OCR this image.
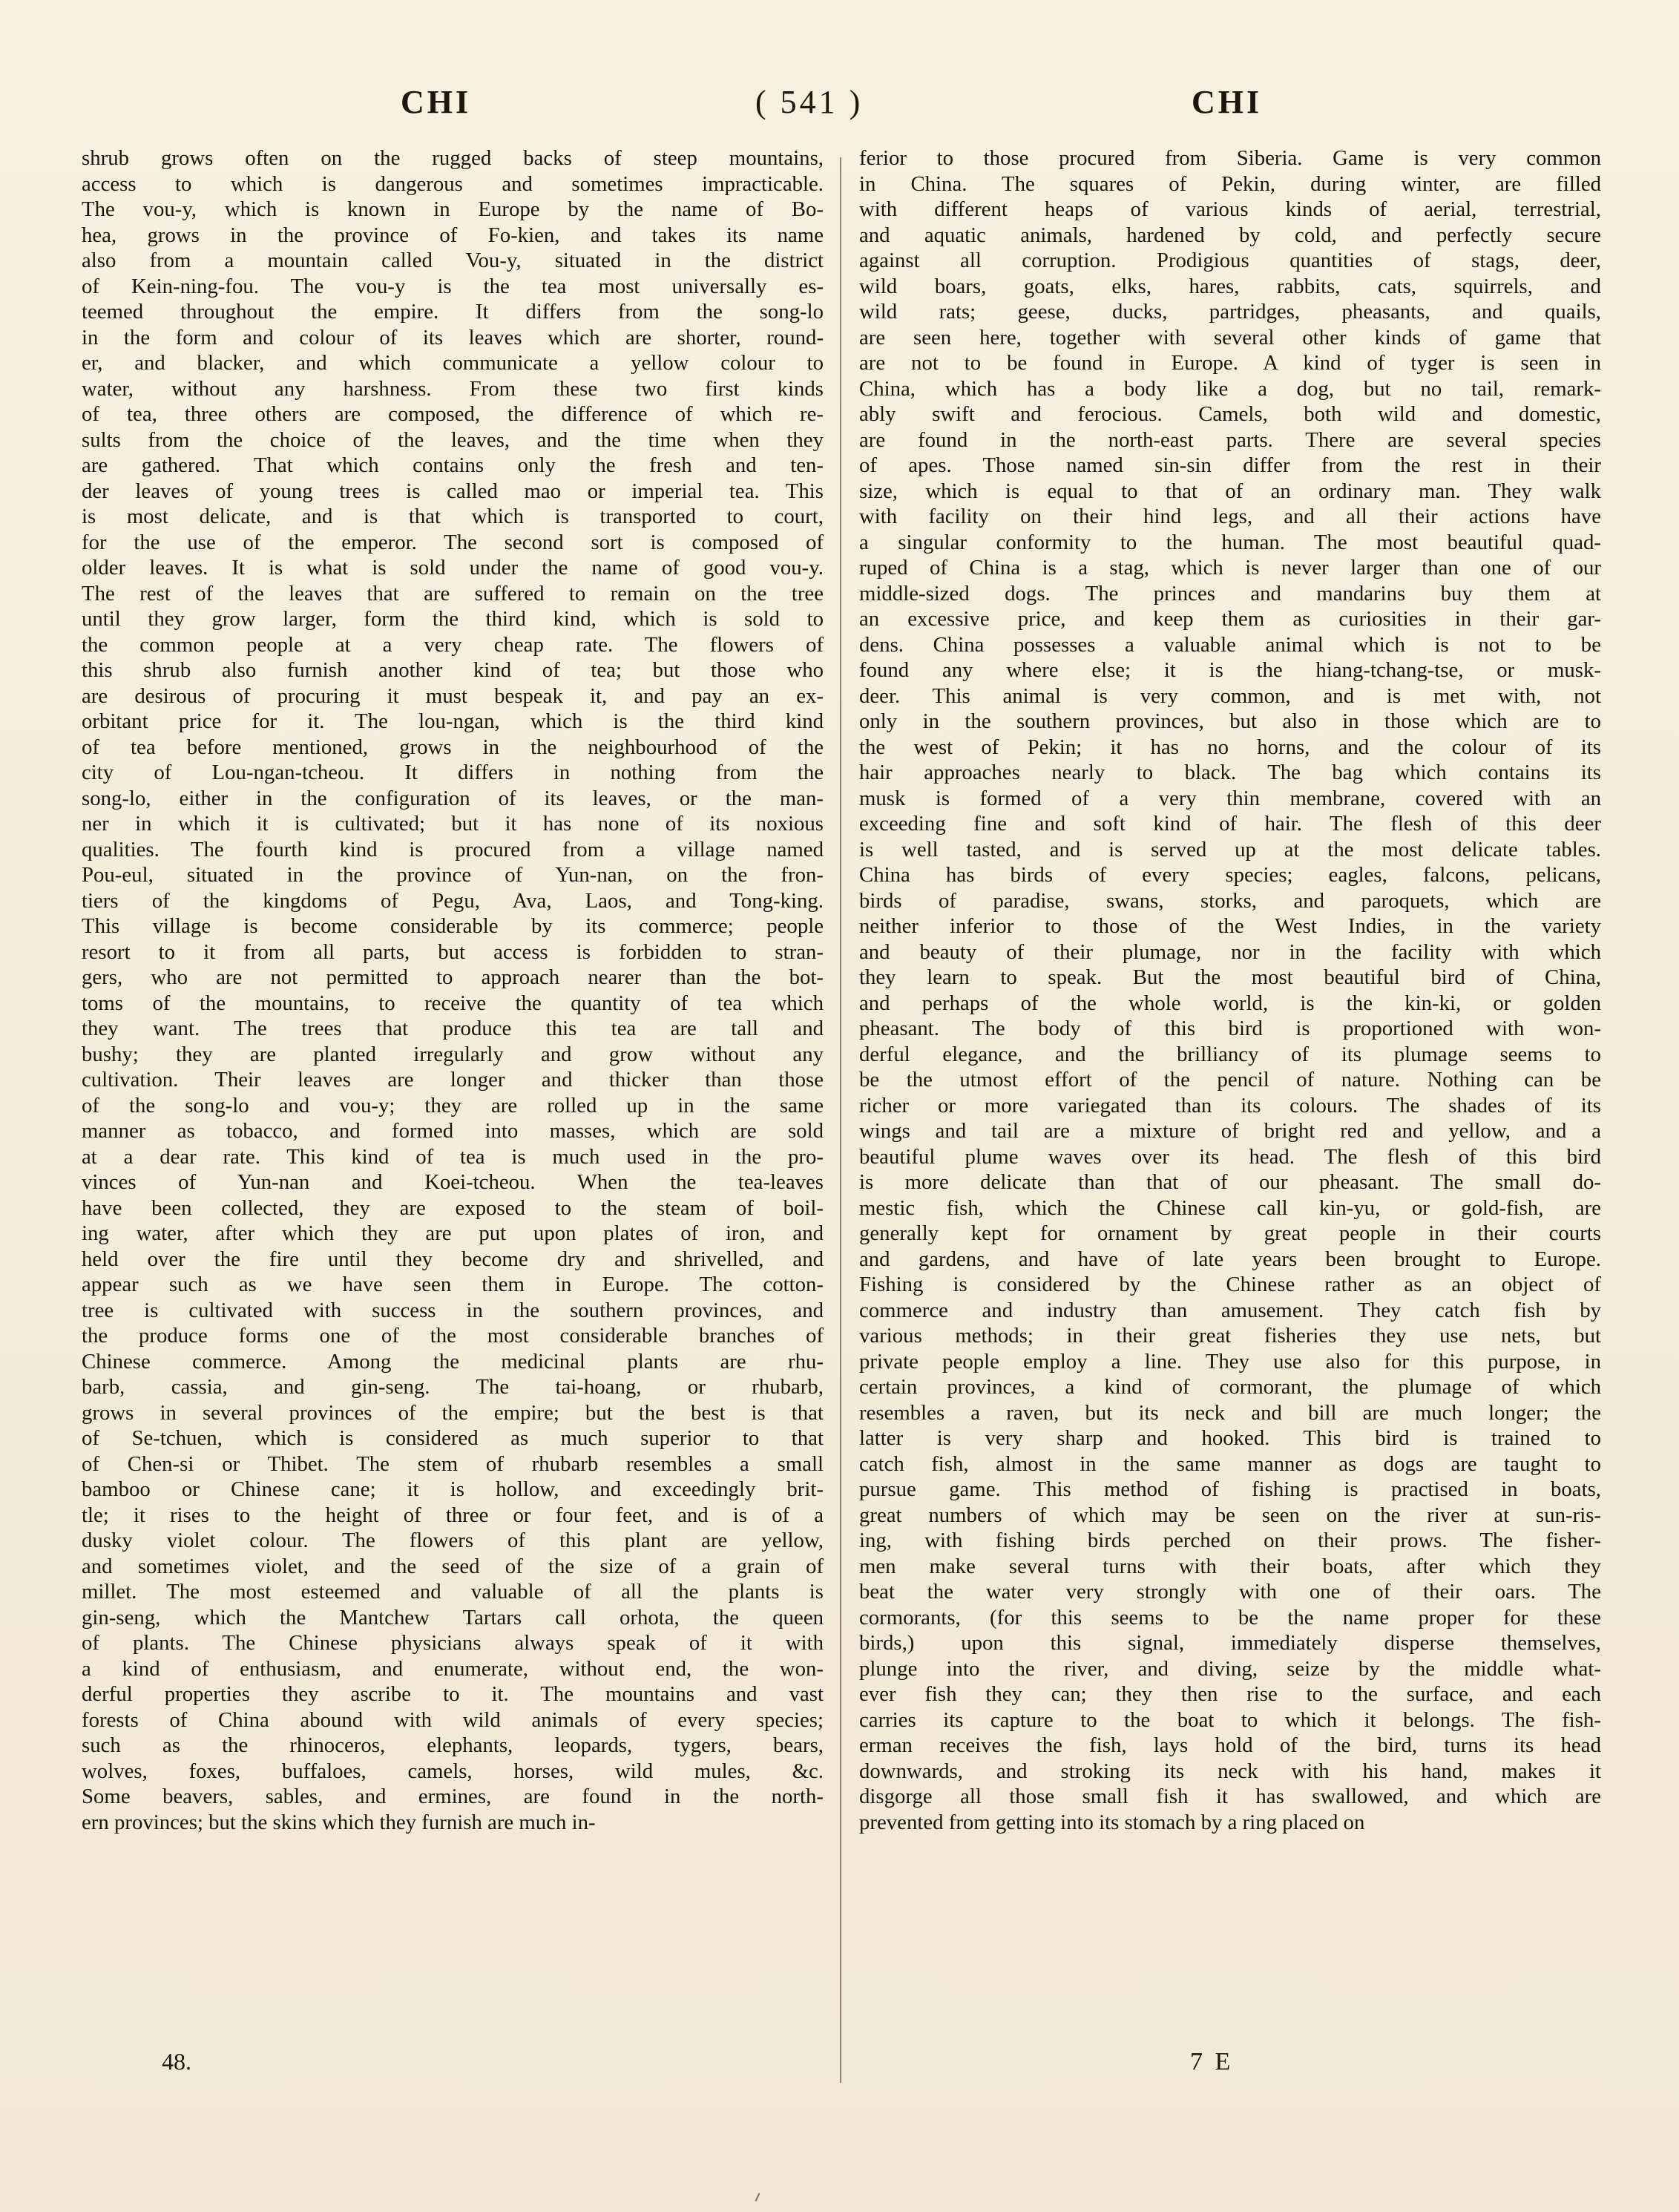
CHI	( 541 )	CHI
shrub grows often on the rugged backs of steep mountains,
access to which is dangerous and sometimes impracticable.
The vou-y, which is known in Europe by the name of Bo-
hea, grows in the province of Fo-kien, and takes its name
also from a mountain called Vou-y, situated in the district
of Kein-ning-fou. The vou-y is the tea most universally es-
teemed throughout the empire. It differs from the song-lo
in the form and colour of its leaves which are shorter, round-
er, and blacker, and which communicate a yellow colour to
water, without any harshness. From these two first kinds
of tea, three others are composed, the difference of which re-
sults from the choice of the leaves, and the time when they
are gathered. That which contains only the fresh and ten-
der leaves of young trees is called mao or imperial tea. This
is most delicate, and is that which is transported to court,
for the use of the emperor. The second sort is composed of
older leaves. It is what is sold under the name of good vou-y.
The rest of the leaves that are suffered to remain on the tree
until they grow larger, form the third kind, which is sold to
the common people at a very cheap rate. The flowers of
this shrub also furnish another kind of tea; but those who
are desirous of procuring it must bespeak it, and pay an ex-
orbitant price for it. The lou-ngan, which is the third kind
of tea before mentioned, grows in the neighbourhood of the
city of Lou-ngan-tcheou. It differs in nothing from the
song-lo, either in the configuration of its leaves, or the man-
ner in which it is cultivated; but it has none of its noxious
qualities. The fourth kind is procured from a village named
Pou-eul, situated in the province of Yun-nan, on the fron-
tiers of the kingdoms of Pegu, Ava, Laos, and Tong-king.
This village is become considerable by its commerce; people
resort to it from all parts, but access is forbidden to stran-
gers, who are not permitted to approach nearer than the bot-
toms of the mountains, to receive the quantity of tea which
they want. The trees that produce this tea are tall and
bushy; they are planted irregularly and grow without any
cultivation. Their leaves are longer and thicker than those
of the song-lo and vou-y; they are rolled up in the same
manner as tobacco, and formed into masses, which are sold
at a dear rate. This kind of tea is much used in the pro-
vinces of Yun-nan and Koei-tcheou. When the tea-leaves
have been collected, they are exposed to the steam of boil-
ing water, after which they are put upon plates of iron, and
held over the fire until they become dry and shrivelled, and
appear such as we have seen them in Europe. The cotton-
tree is cultivated with success in the southern provinces, and
the produce forms one of the most considerable branches of
Chinese commerce. Among the medicinal plants are rhu-
barb, cassia, and gin-seng. The tai-hoang, or rhubarb,
grows in several provinces of the empire; but the best is that
of Se-tchuen, which is considered as much superior to that
of Chen-si or Thibet. The stem of rhubarb resembles a small
bamboo or Chinese cane; it is hollow, and exceedingly brit-
tle; it rises to the height of three or four feet, and is of a
dusky violet colour. The flowers of this plant are yellow,
and sometimes violet, and the seed of the size of a grain of
millet. The most esteemed and valuable of all the plants is
gin-seng, which the Mantchew Tartars call orhota, the queen
of plants. The Chinese physicians always speak of it with
a kind of enthusiasm, and enumerate, without end, the won-
derful properties they ascribe to it. The mountains and vast
forests of China abound with wild animals of every species;
such as the rhinoceros, elephants, leopards, tygers, bears,
wolves, foxes, buffaloes, camels, horses, wild mules, &c.
Some beavers, sables, and ermines, are found in the north-
ern provinces; but the skins which they furnish are much in-
ferior to those procured from Siberia. Game is very common
in China. The squares of Pekin, during winter, are filled
with different heaps of various kinds of aerial, terrestrial,
and aquatic animals, hardened by cold, and perfectly secure
against all corruption. Prodigious quantities of stags, deer,
wild boars, goats, elks, hares, rabbits, cats, squirrels, and
wild rats; geese, ducks, partridges, pheasants, and quails,
are seen here, together with several other kinds of game that
are not to be found in Europe. A kind of tyger is seen in
China, which has a body like a dog, but no tail, remark-
ably swift and ferocious. Camels, both wild and domestic,
are found in the north-east parts. There are several species
of apes. Those named sin-sin differ from the rest in their
size, which is equal to that of an ordinary man. They walk
with facility on their hind legs, and all their actions have
a singular conformity to the human. The most beautiful quad-
ruped of China is a stag, which is never larger than one of our
middle-sized dogs. The princes and mandarins buy them at
an excessive price, and keep them as curiosities in their gar-
dens. China possesses a valuable animal which is not to be
found any where else; it is the hiang-tchang-tse, or musk-
deer. This animal is very common, and is met with, not
only in the southern provinces, but also in those which are to
the west of Pekin; it has no horns, and the colour of its
hair approaches nearly to black. The bag which contains its
musk is formed of a very thin membrane, covered with an
exceeding fine and soft kind of hair. The flesh of this deer
is well tasted, and is served up at the most delicate tables.
China has birds of every species; eagles, falcons, pelicans,
birds of paradise, swans, storks, and paroquets, which are
neither inferior to those of the West Indies, in the variety
and beauty of their plumage, nor in the facility with which
they learn to speak. But the most beautiful bird of China,
and perhaps of the whole world, is the kin-ki, or golden
pheasant. The body of this bird is proportioned with won-
derful elegance, and the brilliancy of its plumage seems to
be the utmost effort of the pencil of nature. Nothing can be
richer or more variegated than its colours. The shades of its
wings and tail are a mixture of bright red and yellow, and a
beautiful plume waves over its head. The flesh of this bird
is more delicate than that of our pheasant. The small do-
mestic fish, which the Chinese call kin-yu, or gold-fish, are
generally kept for ornament by great people in their courts
and gardens, and have of late years been brought to Europe.
Fishing is considered by the Chinese rather as an object of
commerce and industry than amusement. They catch fish by
various methods; in their great fisheries they use nets, but
private people employ a line. They use also for this purpose, in
certain provinces, a kind of cormorant, the plumage of which
resembles a raven, but its neck and bill are much longer; the
latter is very sharp and hooked. This bird is trained to
catch fish, almost in the same manner as dogs are taught to
pursue game. This method of fishing is practised in boats,
great numbers of which may be seen on the river at sun-ris-
ing, with fishing birds perched on their prows. The fisher-
men make several turns with their boats, after which they
beat the water very strongly with one of their oars. The
cormorants, (for this seems to be the name proper for these
birds,) upon this signal, immediately disperse themselves,
plunge into the river, and diving, seize by the middle what-
ever fish they can; they then rise to the surface, and each
carries its capture to the boat to which it belongs. The fish-
erman receives the fish, lays hold of the bird, turns its head
downwards, and stroking its neck with his hand, makes it
disgorge all those small fish it has swallowed, and which are
prevented from getting into its stomach by a ring placed on
48.	7 E
